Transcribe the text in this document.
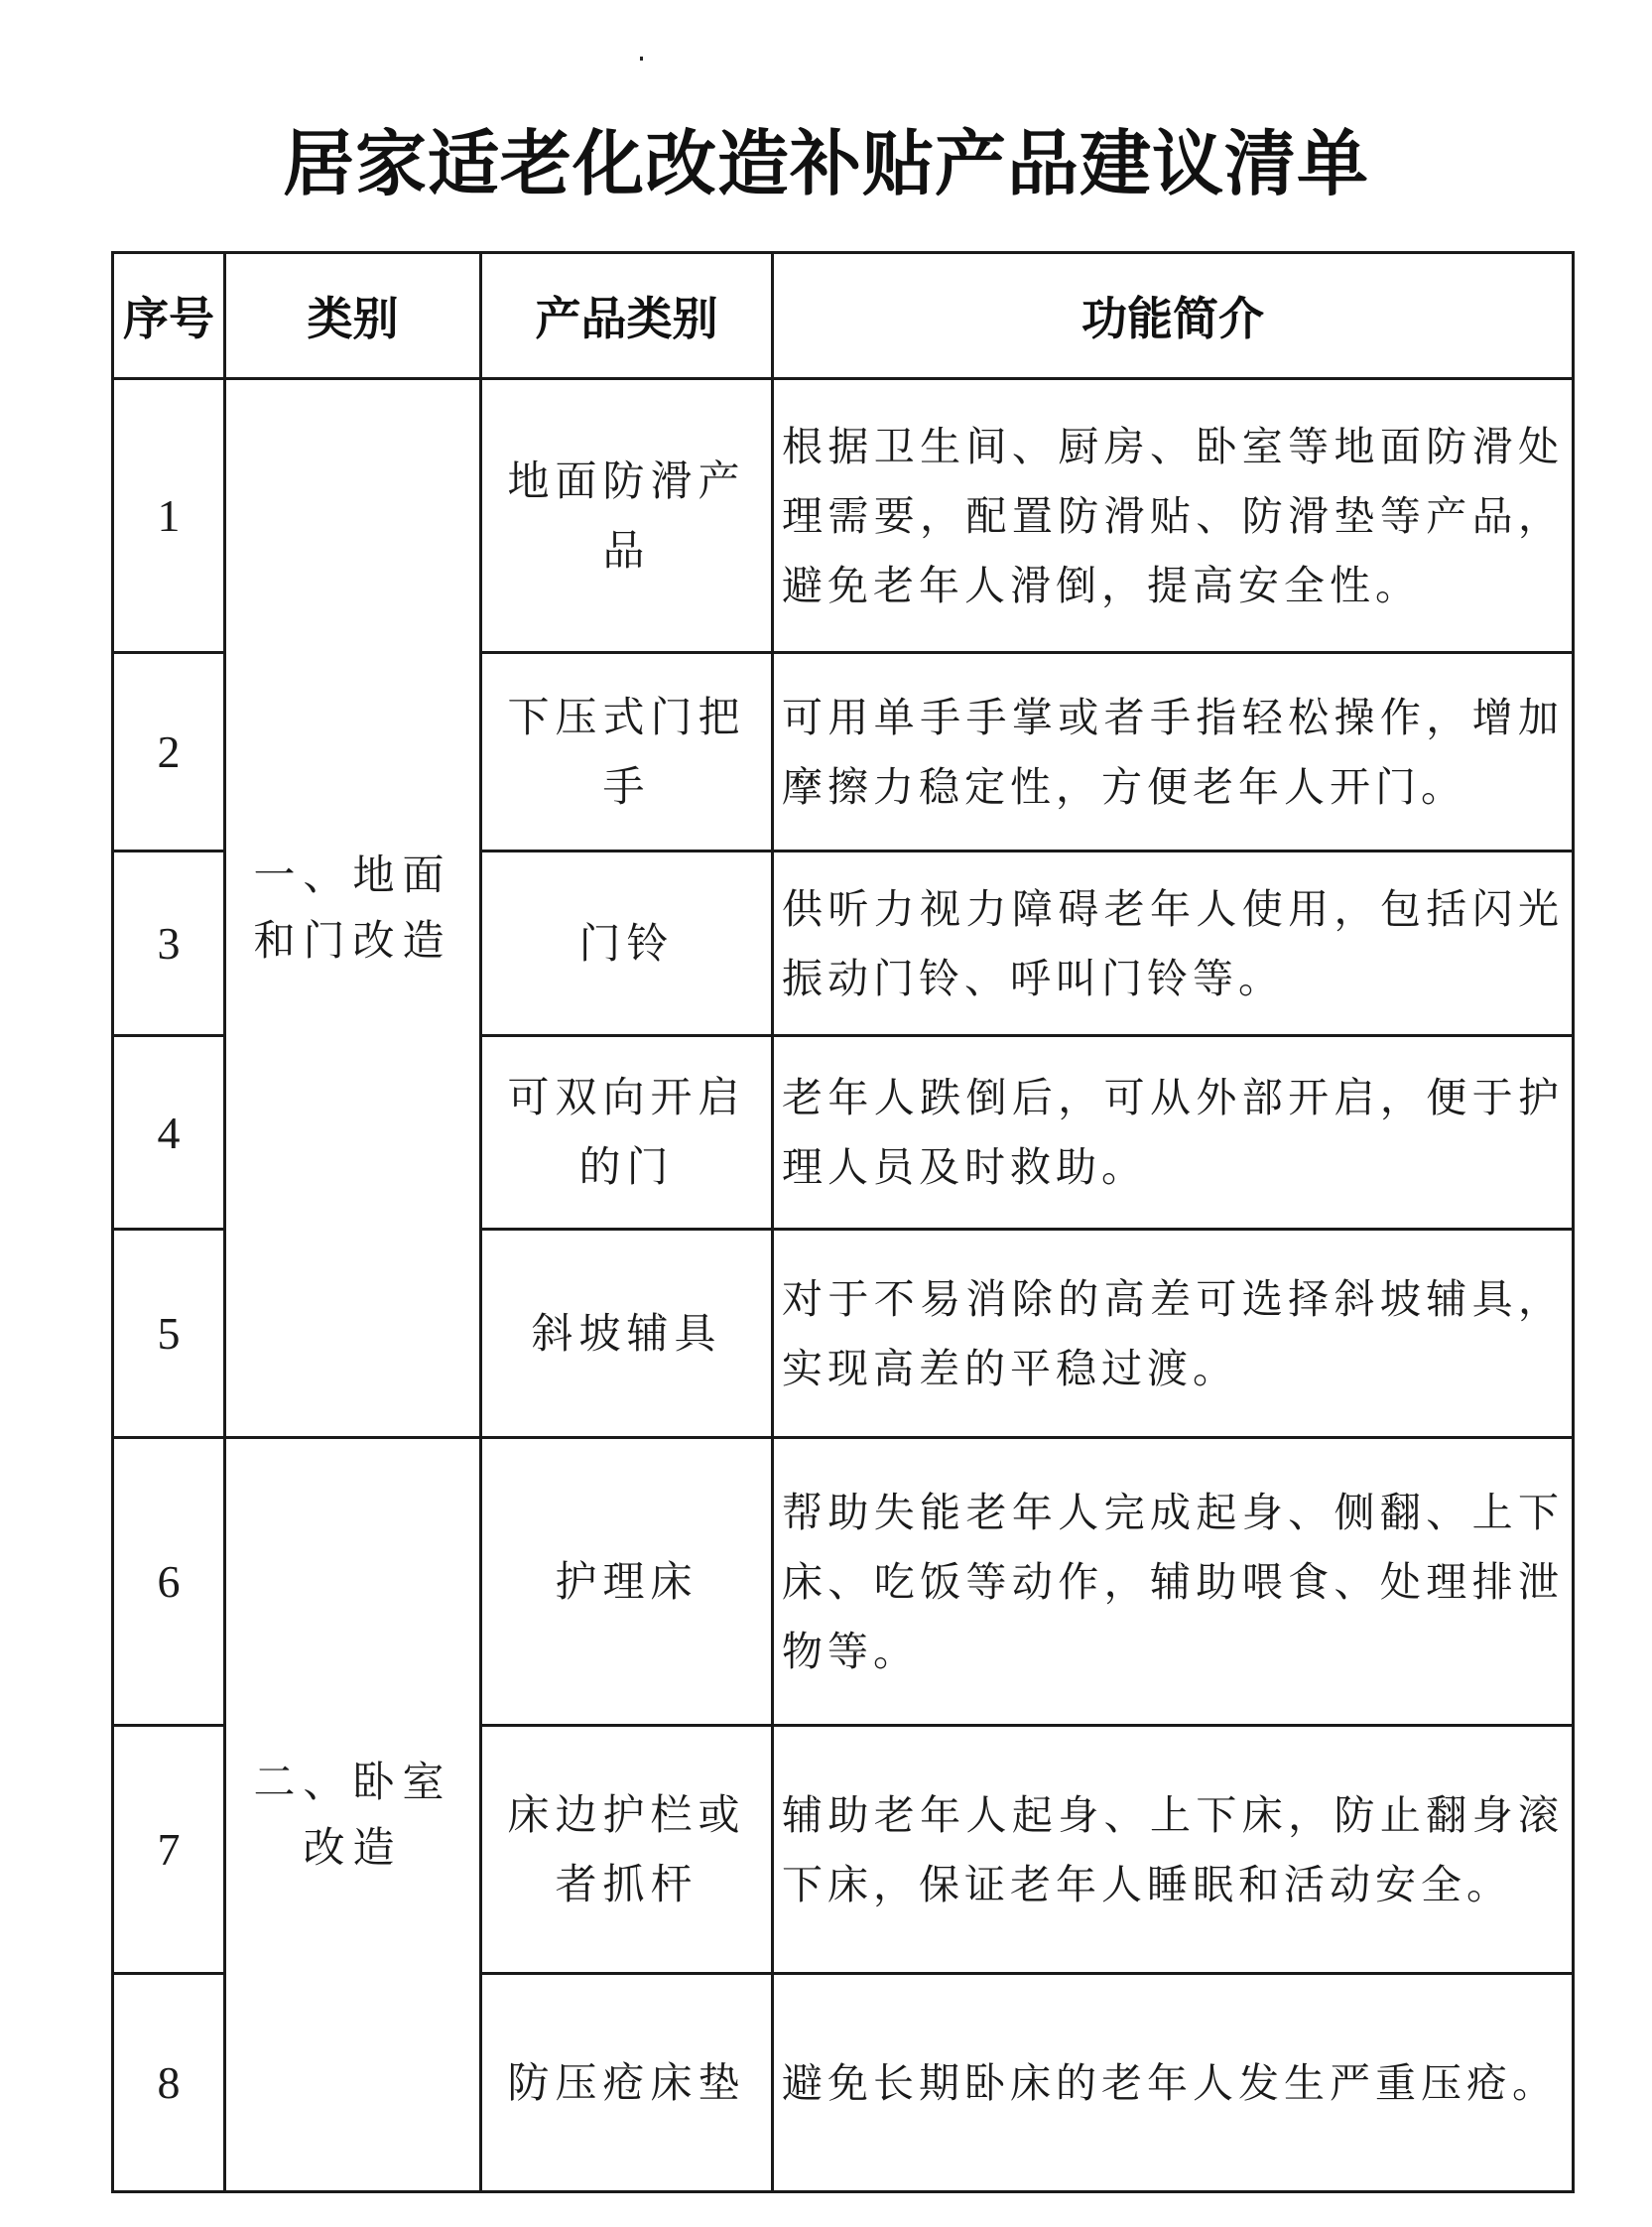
居家适老化改造补贴产品建议清单
序号	类别	产品类别	功能简介
1	一、地面和门改造	地面防滑产品	根据卫生间、厨房、卧室等地面防滑处理需要，配置防滑贴、防滑垫等产品，避免老年人滑倒，提高安全性。
2		下压式门把手	可用单手手掌或者手指轻松操作，增加摩擦力稳定性，方便老年人开门。
3		门铃	供听力视力障碍老年人使用，包括闪光振动门铃、呼叫门铃等。
4		可双向开启的门	老年人跌倒后，可从外部开启，便于护理人员及时救助。
5		斜坡辅具	对于不易消除的高差可选择斜坡辅具，实现高差的平稳过渡。
6	二、卧室改造	护理床	帮助失能老年人完成起身、侧翻、上下床、吃饭等动作，辅助喂食、处理排泄物等。
7		床边护栏或者抓杆	辅助老年人起身、上下床，防止翻身滚下床，保证老年人睡眠和活动安全。
8		防压疮床垫	避免长期卧床的老年人发生严重压疮。
